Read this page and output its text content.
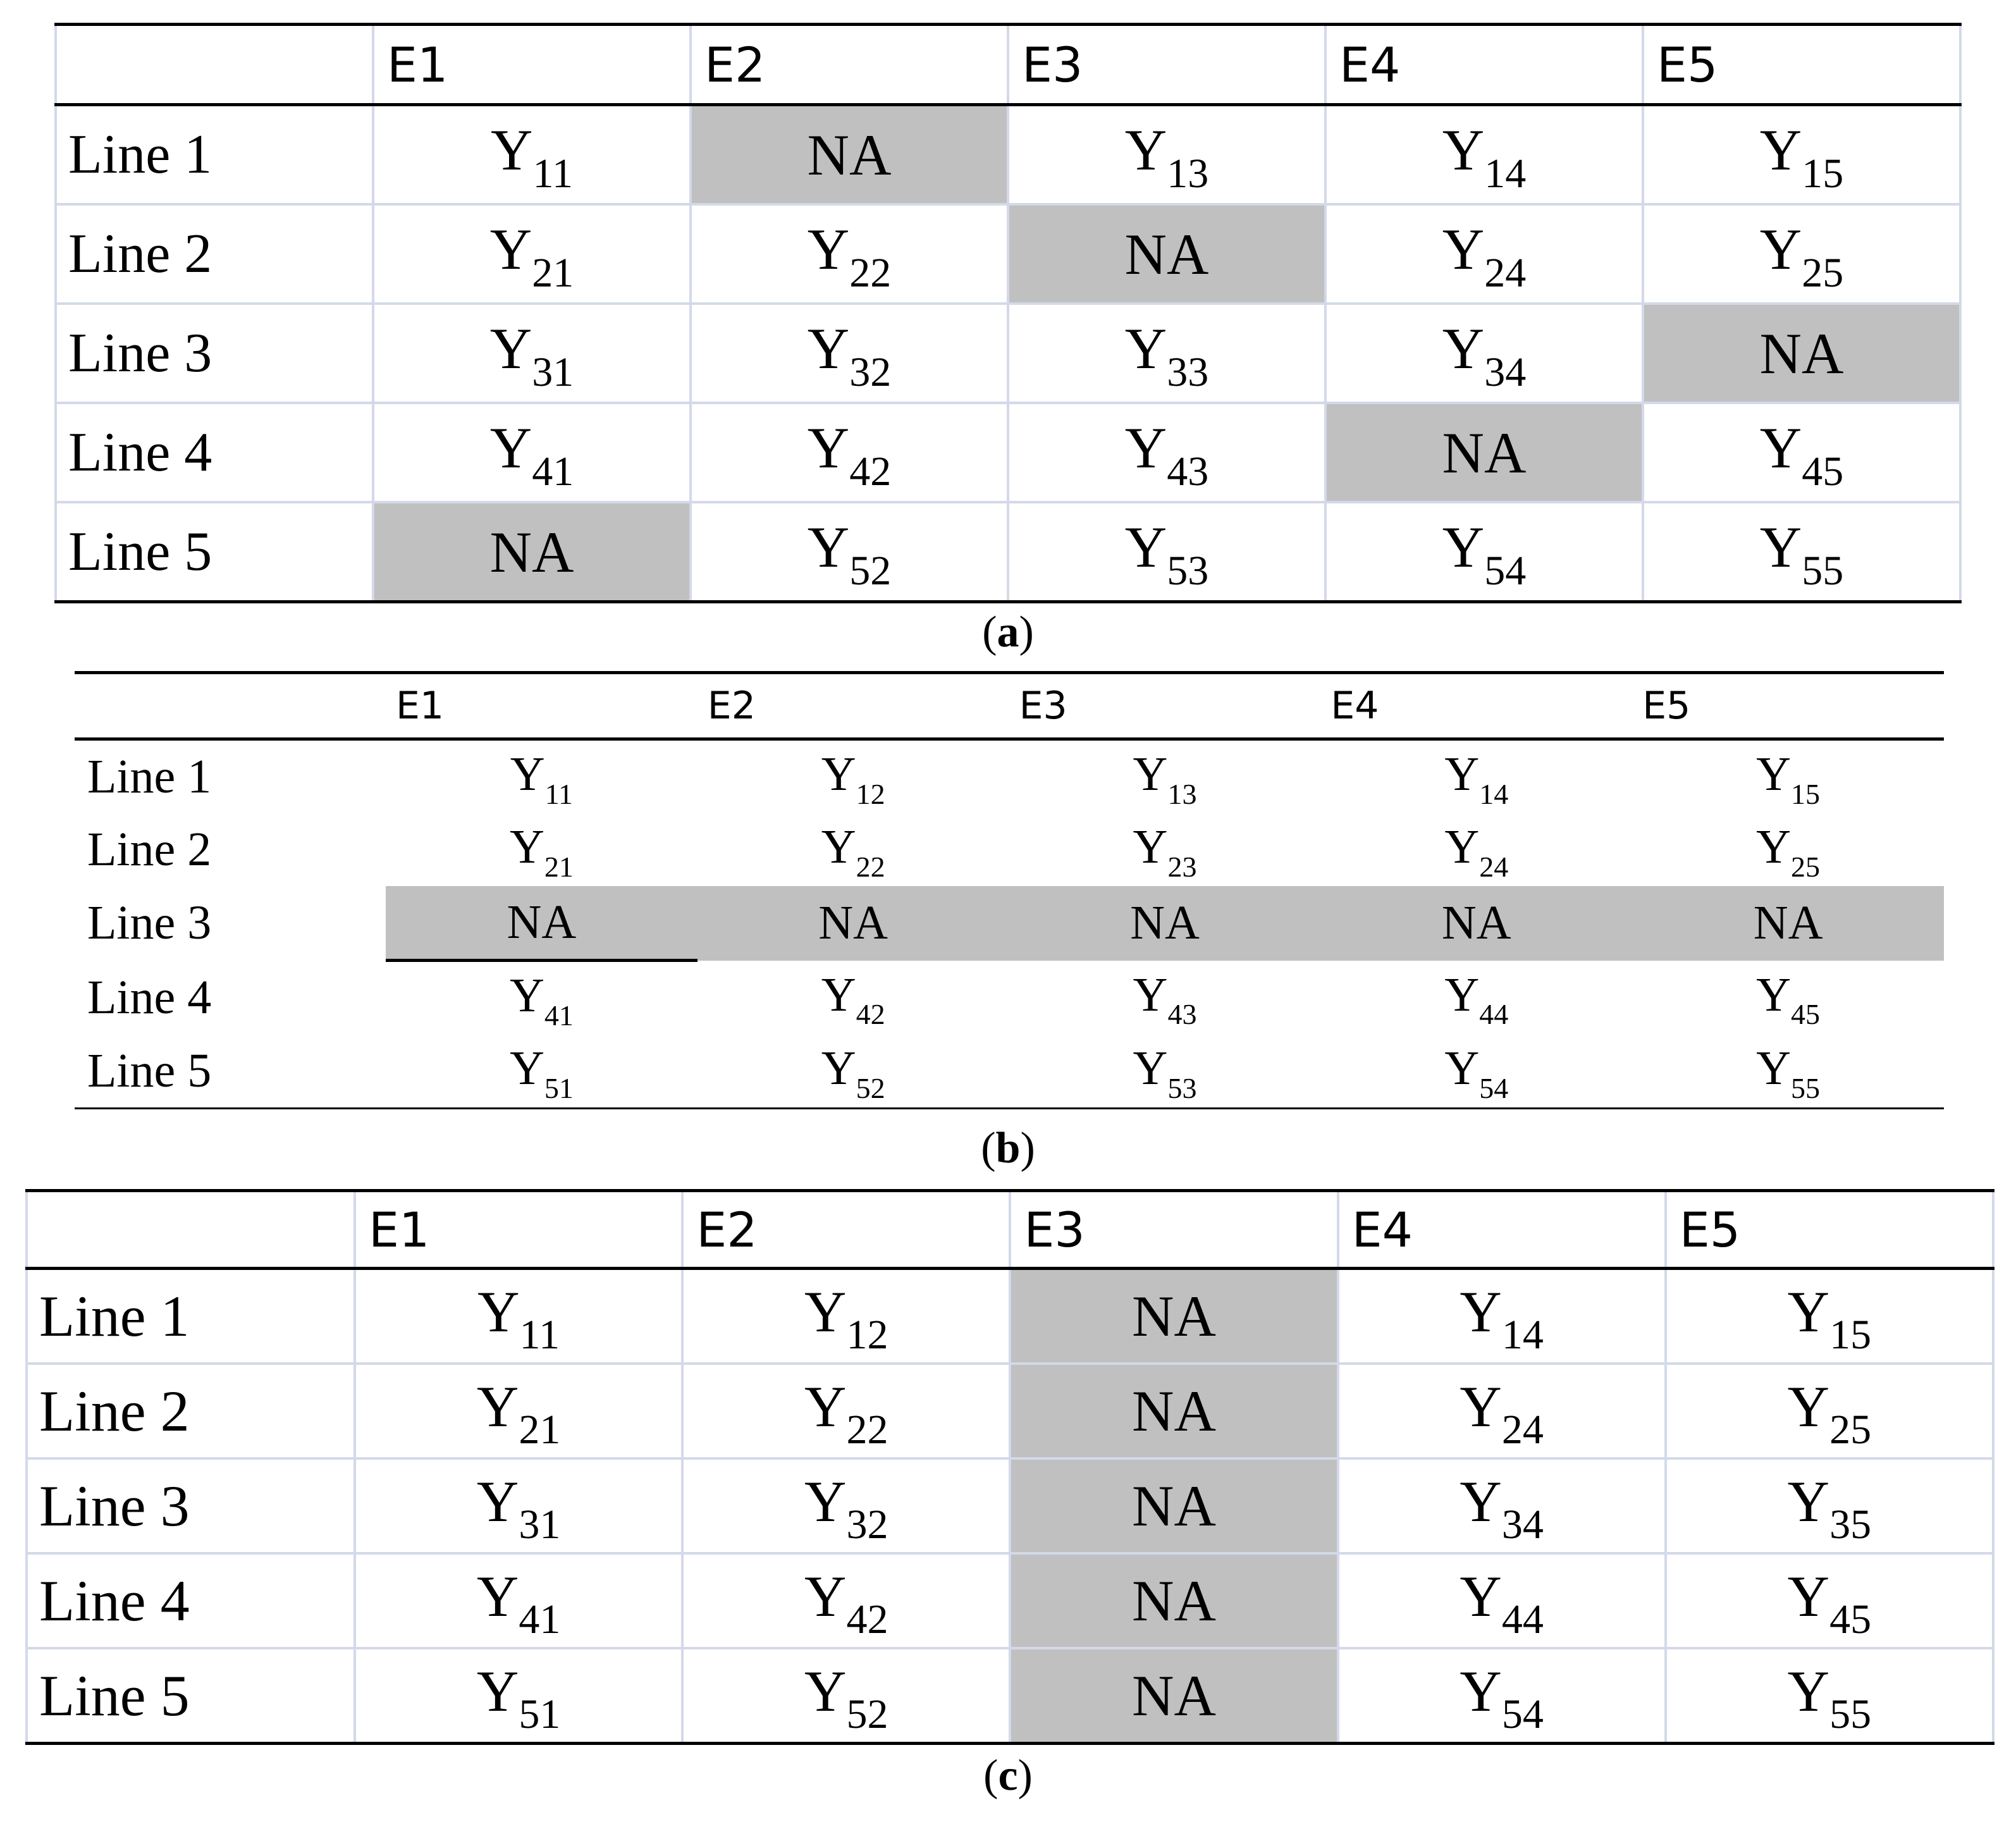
	E1	E2	E3	E4	E5
Line 1	$Y_{11}$	NA	$Y_{13}$	$Y_{14}$	$Y_{15}$
Line 2	$Y_{21}$	$Y_{22}$	NA	$Y_{24}$	$Y_{25}$
Line 3	$Y_{31}$	$Y_{32}$	$Y_{33}$	$Y_{34}$	NA
Line 4	$Y_{41}$	$Y_{42}$	$Y_{43}$	NA	$Y_{45}$
Line 5	NA	$Y_{52}$	$Y_{53}$	$Y_{54}$	$Y_{55}$
(a)
	E1	E2	E3	E4	E5
Line 1	$Y_{11}$	$Y_{12}$	$Y_{13}$	$Y_{14}$	$Y_{15}$
Line 2	$Y_{21}$	$Y_{22}$	$Y_{23}$	$Y_{24}$	$Y_{25}$
Line 3	NA	NA	NA	NA	NA
Line 4	$Y_{41}$	$Y_{42}$	$Y_{43}$	$Y_{44}$	$Y_{45}$
Line 5	$Y_{51}$	$Y_{52}$	$Y_{53}$	$Y_{54}$	$Y_{55}$
(b)
	E1	E2	E3	E4	E5
Line 1	$Y_{11}$	$Y_{12}$	NA	$Y_{14}$	$Y_{15}$
Line 2	$Y_{21}$	$Y_{22}$	NA	$Y_{24}$	$Y_{25}$
Line 3	$Y_{31}$	$Y_{32}$	NA	$Y_{34}$	$Y_{35}$
Line 4	$Y_{41}$	$Y_{42}$	NA	$Y_{44}$	$Y_{45}$
Line 5	$Y_{51}$	$Y_{52}$	NA	$Y_{54}$	$Y_{55}$
(c)
